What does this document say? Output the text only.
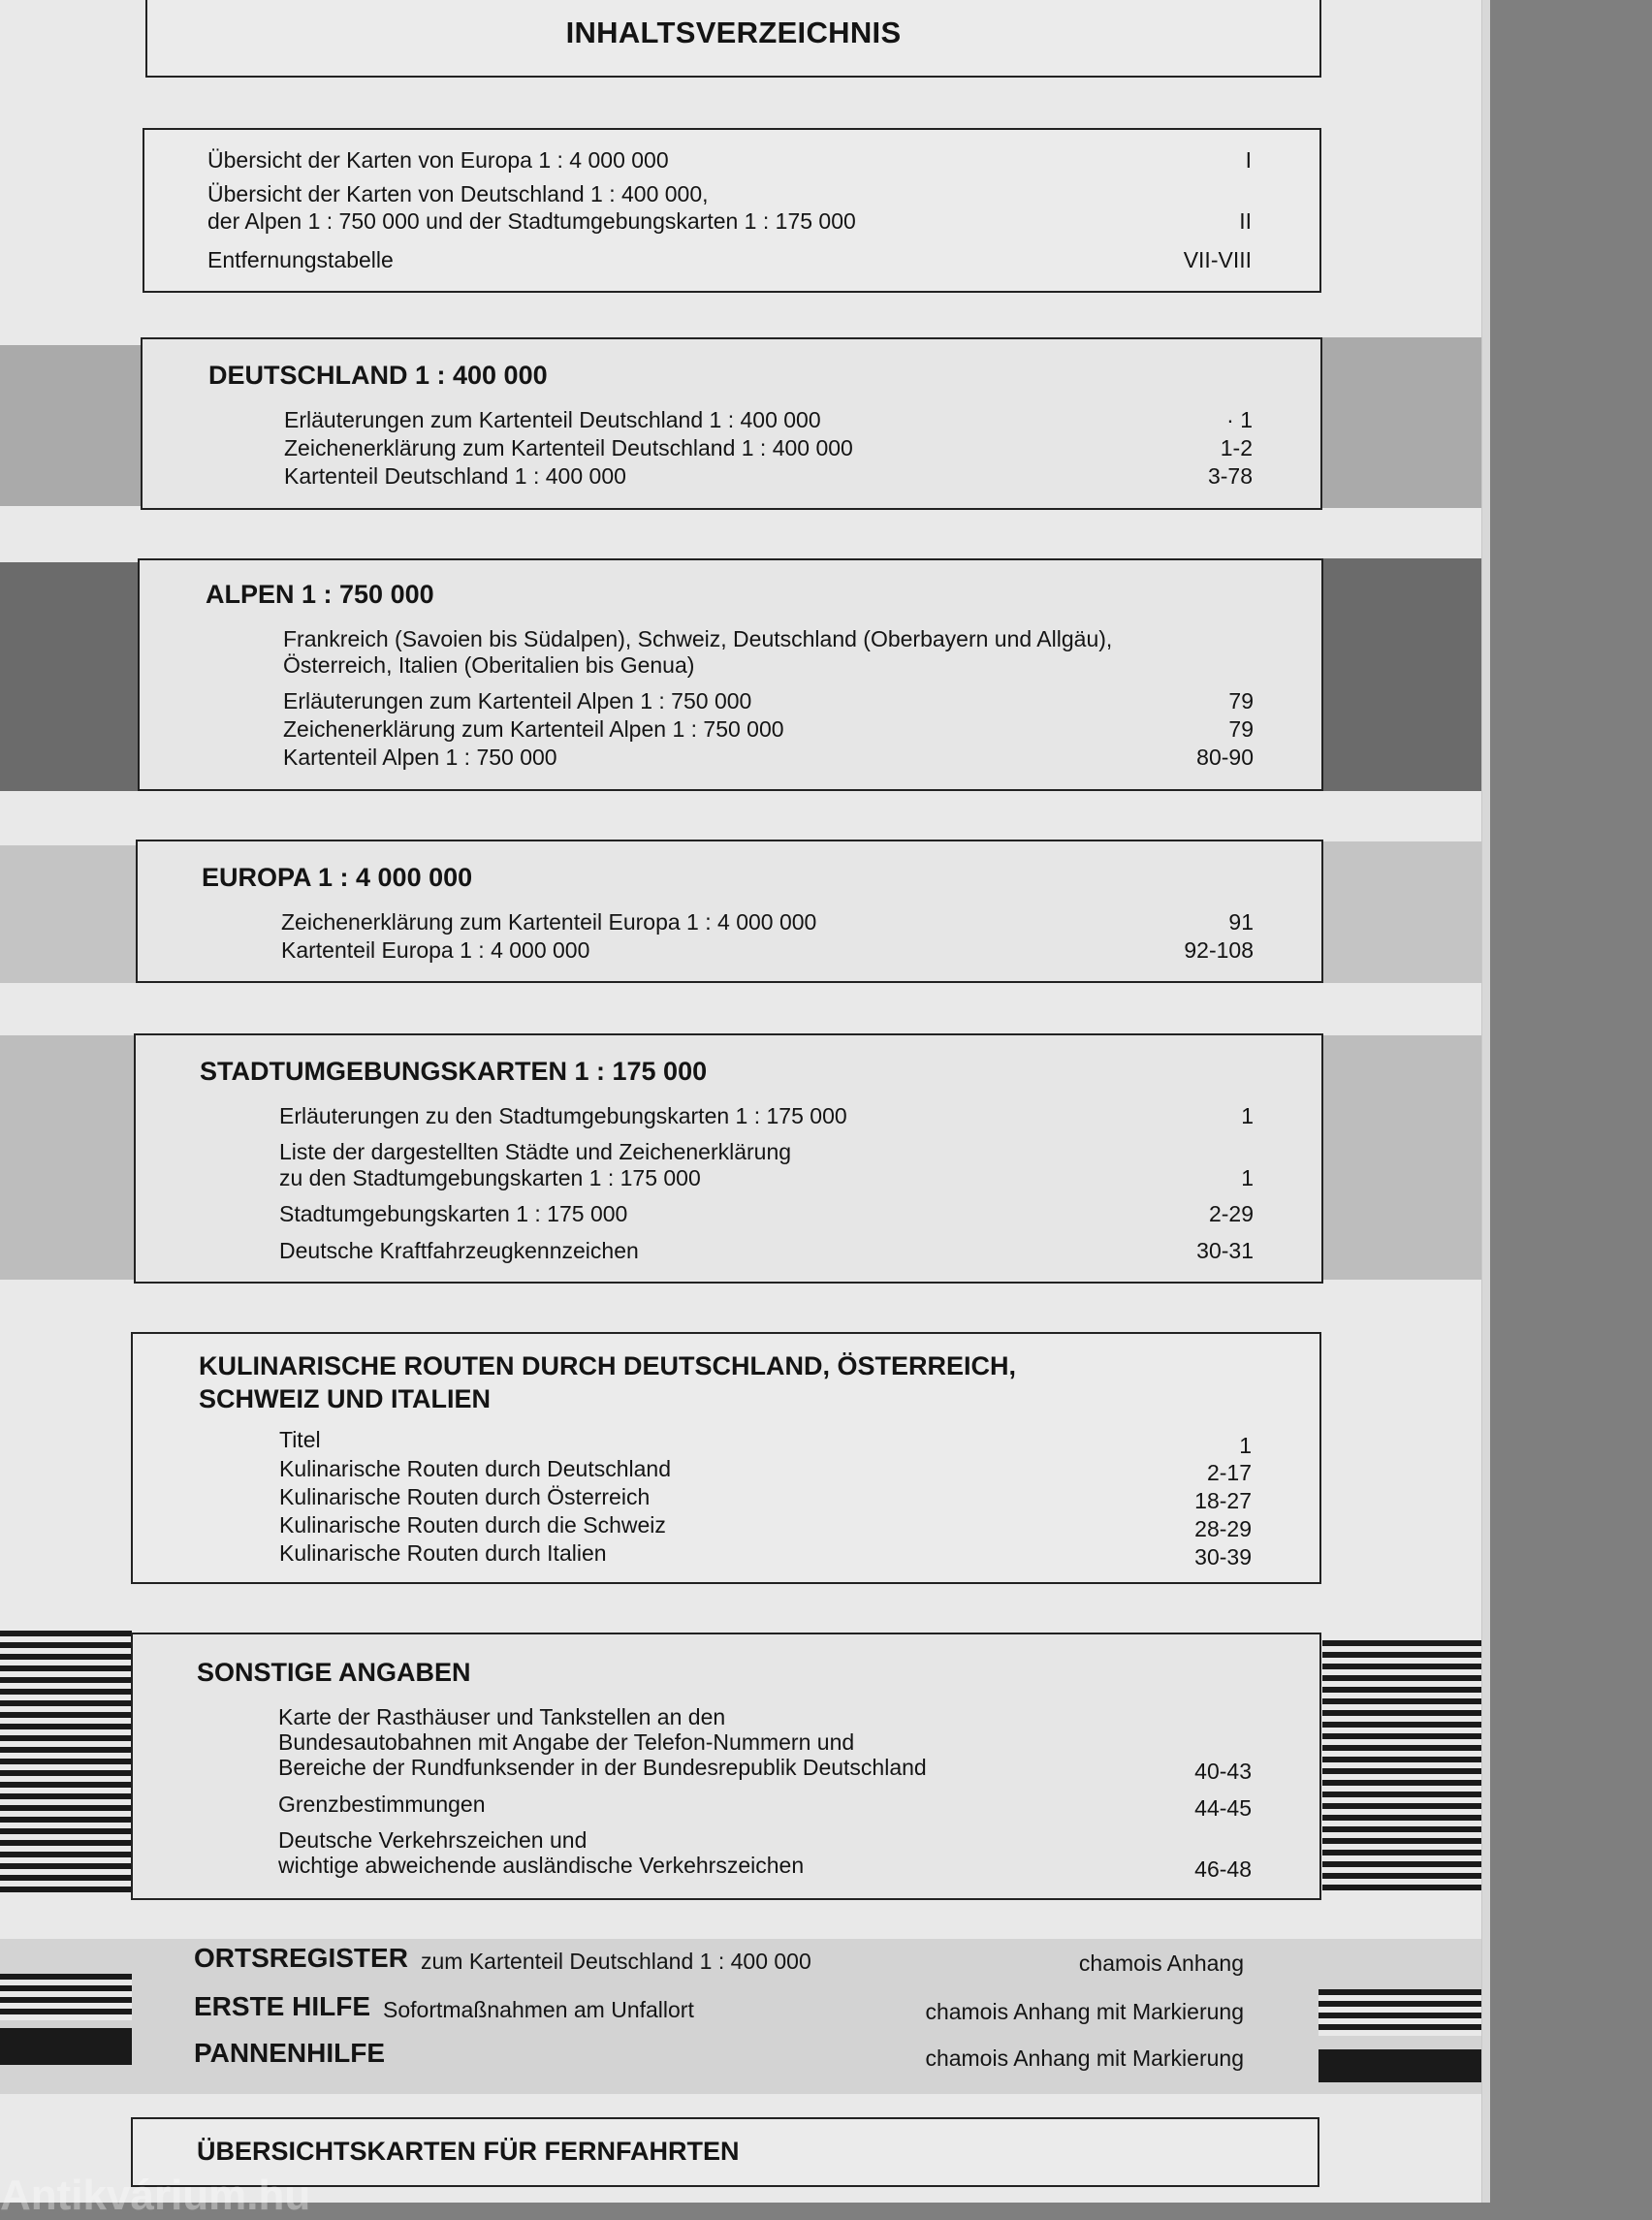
INHALTSVERZEICHNIS
Übersicht der Karten von Europa 1 : 4 000 000	I
Übersicht der Karten von Deutschland 1 : 400 000,
der Alpen 1 : 750 000 und der Stadtumgebungskarten 1 : 175 000	II
Entfernungstabelle	VII-VIII
DEUTSCHLAND 1 : 400 000
Erläuterungen zum Kartenteil Deutschland 1 : 400 000	· 1
Zeichenerklärung zum Kartenteil Deutschland 1 : 400 000	1-2
Kartenteil Deutschland 1 : 400 000	3-78
ALPEN 1 : 750 000
Frankreich (Savoien bis Südalpen), Schweiz, Deutschland (Oberbayern und Allgäu),
Österreich, Italien (Oberitalien bis Genua)
Erläuterungen zum Kartenteil Alpen 1 : 750 000	79
Zeichenerklärung zum Kartenteil Alpen 1 : 750 000	79
Kartenteil Alpen 1 : 750 000	80-90
EUROPA 1 : 4 000 000
Zeichenerklärung zum Kartenteil Europa 1 : 4 000 000	91
Kartenteil Europa 1 : 4 000 000	92-108
STADTUMGEBUNGSKARTEN 1 : 175 000
Erläuterungen zu den Stadtumgebungskarten 1 : 175 000	1
Liste der dargestellten Städte und Zeichenerklärung
zu den Stadtumgebungskarten 1 : 175 000	1
Stadtumgebungskarten 1 : 175 000	2-29
Deutsche Kraftfahrzeugkennzeichen	30-31
KULINARISCHE ROUTEN DURCH DEUTSCHLAND, ÖSTERREICH,
SCHWEIZ UND ITALIEN
Titel	1
Kulinarische Routen durch Deutschland	2-17
Kulinarische Routen durch Österreich	18-27
Kulinarische Routen durch die Schweiz	28-29
Kulinarische Routen durch Italien	30-39
SONSTIGE ANGABEN
Karte der Rasthäuser und Tankstellen an den
Bundesautobahnen mit Angabe der Telefon-Nummern und
Bereiche der Rundfunksender in der Bundesrepublik Deutschland	40-43
Grenzbestimmungen	44-45
Deutsche Verkehrszeichen und
wichtige abweichende ausländische Verkehrszeichen	46-48
ORTSREGISTER zum Kartenteil Deutschland 1 : 400 000	chamois Anhang
ERSTE HILFE Sofortmaßnahmen am Unfallort	chamois Anhang mit Markierung
PANNENHILFE	chamois Anhang mit Markierung
ÜBERSICHTSKARTEN FÜR FERNFAHRTEN
Antikvárium.hu
